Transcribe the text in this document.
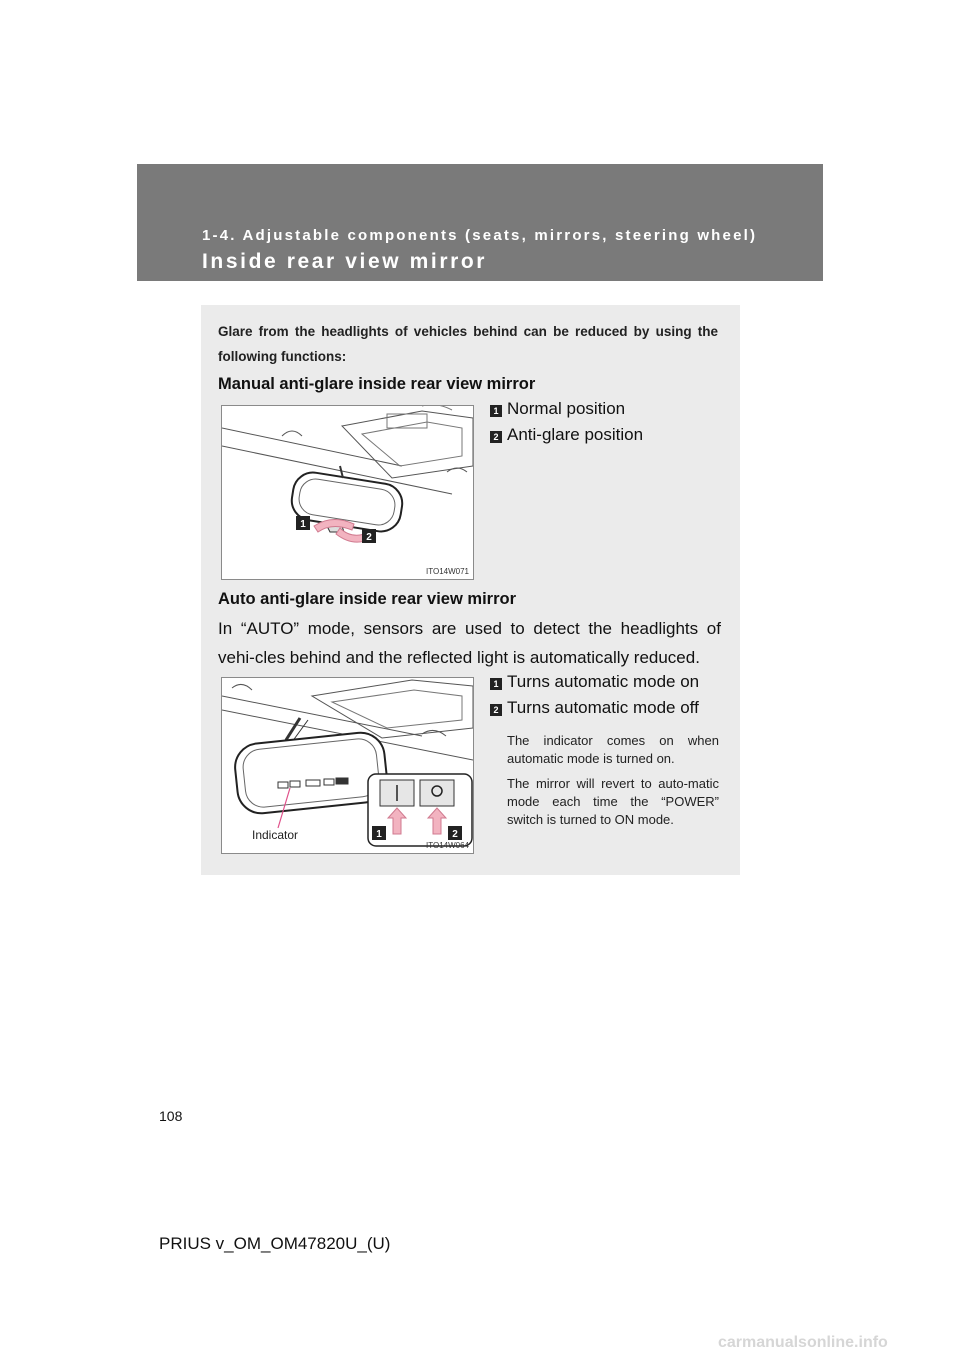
1-4. Adjustable components (seats, mirrors, steering wheel)
Inside rear view mirror
Glare from the headlights of vehicles behind can be reduced by using the following functions:
Manual anti-glare inside rear view mirror
1
2
ITO14W071
1 Normal position
2 Anti-glare position
Auto anti-glare inside rear view mirror
In “AUTO” mode, sensors are used to detect the headlights of vehi-cles behind and the reflected light is automatically reduced.
1	2
Indicator
ITO14W064
1 Turns automatic mode on
2 Turns automatic mode off
The indicator comes on when automatic mode is turned on.
The mirror will revert to auto-matic mode each time the “POWER” switch is turned to ON mode.
108
PRIUS v_OM_OM47820U_(U)
carmanualsonline.info
